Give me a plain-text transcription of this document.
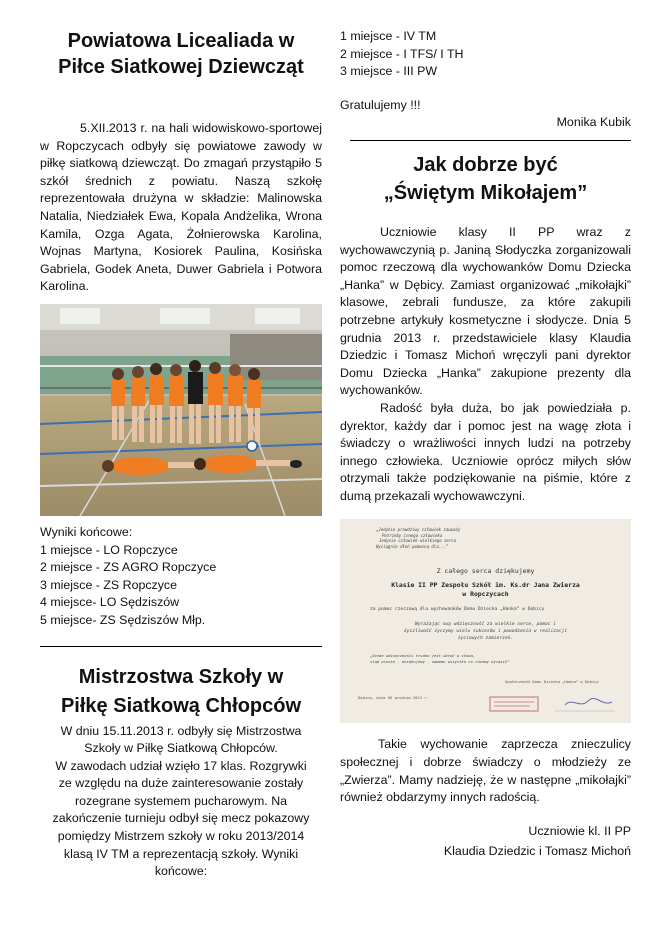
Powiatowa Licealiada w
Piłce Siatkowej Dziewcząt

5.XII.2013 r. na hali widowiskowo-sportowej w Ropczycach odbyły się powiatowe zawody w piłkę siatkową dziewcząt. Do zmagań przystąpiło 5 szkół średnich z powiatu. Naszą szkołę reprezentowała drużyna w składzie: Malinowska Natalia, Niedziałek Ewa, Kopala Andżelika, Wrona Kamila, Ozga Agata, Żołnierowska Karolina, Wojnas Martyna, Kosiorek Paulina, Kosińska Gabriela, Godek Aneta, Duwer Gabriela i Potwora Karolina.

Wyniki końcowe:

1 miejsce - LO Ropczyce

2 miejsce - ZS AGRO Ropczyce

3 miejsce - ZS Ropczyce

4 miejsce- LO Sędziszów

5 miejsce- ZS Sędziszów Młp.

Mistrzostwa Szkoły w
Piłkę Siatkową Chłopców

W dniu 15.11.2013 r. odbyły się Mistrzostwa

Szkoły w Piłkę Siatkową Chłopców.

W zawodach udział wzięło 17 klas. Rozgrywki

ze względu na duże zainteresowanie zostały

rozegrane systemem pucharowym. Na

zakończenie turnieju odbył się mecz pokazowy

pomiędzy Mistrzem szkoły w roku 2013/2014

klasą IV TM a reprezentacją szkoły. Wyniki

końcowe:

1 miejsce - IV TM

2 miejsce - I TFS/ I TH

3 miejsce - III PW

Gratulujemy !!!

Monika Kubik

Jak dobrze być
„Świętym Mikołajem”

Uczniowie klasy II PP wraz z wychowawczynią p. Janiną Słodyczka zorganizowali pomoc rzeczową dla wychowanków Domu Dziecka „Hanka” w Dębicy. Zamiast organizować „mikołajki” klasowe, zebrali fundusze, za które zakupili potrzebne artykuły kosmetyczne i słodycze. Dnia 5 grudnia 2013 r. przedstawiciele klasy Klaudia Dziedzic i Tomasz Michoń wręczyli pani dyrektor Domu Dziecka „Hanka” zakupione prezenty dla wychowanków.

Radość była duża, bo jak powiedziała p. dyrektor, każdy dar i pomoc jest na wagę złota i świadczy o wrażliwości innych ludzi na potrzeby innego człowieka. Uczniowie oprócz miłych słów otrzymali także podziękowanie na piśmie, które z dumą przekazali wychowawczyni.

„Jedynie prawdziwy człowiek zauważy
Potrzeby innego człowieka
Jedynie człowiek wielkiego serca
Wyciągnie dłoń pomocną dla...”
Z całego serca dziękujemy
Klasie II PP Zespołu Szkół im. Ks.dr Jana Zwierza
w Ropczycach
za pomoc rzeczową dla wychowanków Domu Dziecka „Hanka” w Dębicy
Wyrażając swą wdzięczność za wielkie serce, pomoc i
życzliwość życzymy wielu sukcesów i powodzenia w realizacji
życiowych zamierzeń.
„Ocean wdzięczności trudno jest ubrać w słowa,
stąd proste - dziękujemy - samemu wszystko co chcemy wyrazić”
Społeczność Domu Dziecka „Hanka” w Dębicy
Dębica, dnia 05 grudnia 2013 r.

Takie wychowanie zaprzecza znieczulicy społecznej i dobrze świadczy o młodzieży ze „Zwierza”. Mamy nadzieję, że w następne „mikołajki” również obdarzymy innych radością.

Uczniowie kl. II PP

Klaudia Dziedzic i Tomasz Michoń
